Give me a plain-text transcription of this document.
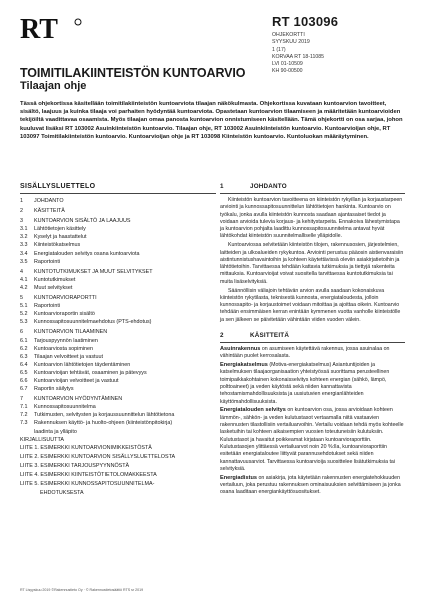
RT	RT 103096
OHJEKORTTI
SYYSKUU 2019
1 (17)
KORVAA RT 18-11085
LVI 01-10509
KH 90-00500
TOIMITILAKIINTEISTÖN KUNTOARVIO
Tilaajan ohje
Tässä ohjekortissa käsitellään toimitilakiinteistön kuntoarviota tilaajan näkökulmasta. Ohjekortissa kuvataan kuntoarvion tavoitteet, sisältö, laajuus ja kuinka tilaaja voi parhaiten hyödyntää kuntoarviota. Opastetaan kuntoarvion tilaamiseen ja määritetään kuntoarvioiden tekijöiltä vaadittavaa osaamista. Myös tilaajan omaa panosta kuntoarvion onnistumiseen käsitellään. Tämä ohjekortti on osa sarjaa, johon kuuluvat lisäksi RT 103002 Asuinkiinteistön kuntoarvio. Tilaajan ohje, RT 103002 Asuinkiinteistön kuntoarvio. Kuntoarvioijan ohje, RT 103097 Toimitilakiinteistön kuntoarvio. Kuntoarvioijan ohje ja RT 103098 Kiinteistön kuntoarvio. Kuntoluokan määräytyminen.
SISÄLLYSLUETTELO
1	JOHDANTO
2	KÄSITTEITÄ
3	KUNTOARVION SISÄLTÖ JA LAAJUUS
3.1	Lähtötietojen käsittely
3.2	Kyselyt ja haastattelut
3.3	Kiinteistökatselmus
3.4	Energiatalouden selvitys osana kuntoarviota
3.5	Raportointi
4	KUNTOTUTKIMUKSET JA MUUT SELVITYKSET
4.1	Kuntotutkimukset
4.2	Muut selvitykset
5	KUNTOARVIORAPORTTI
5.1	Raportointi
5.2	Kuntoarvioraportin sisältö
5.3	Kunnossapitosuunnitelmaehdotus (PTS-ehdotus)
6	KUNTOARVION TILAAMINEN
6.1	Tarjouspyynnön laatiminen
6.2	Kuntoarviosta sopiminen
6.3	Tilaajan velvoitteet ja vastuut
6.4	Kuntoarvion lähtötietojen täydentäminen
6.5	Kuntoarvioijan tehtävät, osaaminen ja pätevyys
6.6	Kuntoarvioijan velvoitteet ja vastuut
6.7	Raportin säilytys
7	KUNTOARVION HYÖDYNTÄMINEN
7.1	Kunnossapitosuunnitelma
7.2	Tutkimusten, selvitysten ja korjaussuunnittelun lähtötietona
7.3	Rakennuksen käyttö- ja huolto-ohjeen (kiinteistönpitokirja)
laadinta ja ylläpito
KIRJALLISUUTTA
LIITE 1. ESIMERKKI KUNTOARVIONIMIKKEISTÖSTÄ
LIITE 2. ESIMERKKI KUNTOARVION SISÄLLYSLUETTELOSTA
LIITE 3. ESIMERKKI TARJOUSPYYNNÖSTÄ
LIITE 4. ESIMERKKI KIINTEISTÖTIETOLOMAKKEESTA
LIITE 5. ESIMERKKI KUNNOSSAPITOSUUNNITELMA-
EHDOTUKSESTA
1	JOHDANTO

Kiinteistön kuntoarvion tavoitteena on kiinteistön rykyillan ja korjaustarpeen arviointi ja kunnossapitosuunnittelun lähtötietojen hankinta. Kuntoarvio on työkalu, jonka avulla kiinteistön kunnosta saadaan ajantasaiset tiedot ja voidaan arvioida tulevia korjaus- ja kehitystarpeita. Ennakoiva lähestymistapa ja kuntoarvion pohjalta laadittu kunnossapitosuunnitelma antavat hyvät lähtökohdat kiinteistön suunnitelmalliselle ylläpidolle.

Kuntoarviossa selvitetään kiinteistön tilojen, rakennusosien, järjestelmien, laitteiden ja ulkoalueiden rykykuntoa. Arviointi perustuu pääosin aistienvaraisiin aistintunnistushavaintoihin ja kohteen käytettävissä oleviin asiakirjatietoihin ja lähtötietoihin. Tarvittaessa tehdään kattavia tutkimuksia ja tiettyjä rakenteita mittauksia. Kuntoarvioijat voivat suositella tarvittaessa kuntotutkimuksia tai muita lisäselvityksiä.

Säännöllisin väliajoin tehtävän arvion avulla saadaan kokonaiskuva kiinteistön rykytilasta, teknisestä kunnosta, energiataloudesta, jolloin kunnossapito- ja korjaustoimet voidaan mitoittaa ja ajoittaa oikein. Kuntoarvio tehdään ensimmäisen kerran enintään kymmenen vuotta vanholle kiinteistölle ja sen jälkeen se päivitetään vähintään viiden vuoden välein.

2	KÄSITTEITÄ

Asuinrakennus on asumiseen käytettävä rakennus, jossa asuinalaa on vähintään puolet kerrosalasta.

Energiakatselmus (Motiva-energiakatselmus) Asiantuntijoiden ja katselmuksen tilaajaorganisaation yhteistyössä suorittama perusteellinen toimipaikkakohtainen kokonaisselvitys kohteen energian (sähkö, lämpö, polttoaineet) ja veden käytöstä sekä niiden kannattavista tehostamismahdollisuuksista ja uusiutuvien energianlähteiden käyttömahdollisuuksista.

Energiatalouden selvitys on kuntoarvion osa, jossa arvioidaan kohteen lämmön-, sähkön- ja veden kulutustasot vertaamalla niitä vastaavien rakennusten tilastollisiin vertailuarvoihin. Vertailu voidaan tehdä myös kohteelle lasketuihin tai kohteen aikaisempien vuosien toteutuneisiin kulutuksiin. Kulutustasot ja havaitut poikkeamat kirjataan kuntoarvioraporttiin. Kulutustasojen ylittäessä vertailuarvot noin 20 %:lla, kuntoarvioraporttiin esitetään energiataloutee liittyvät parannusehdotukset sekä niiden kannattavuusarviot. Tarvittaessa kuntoarvioija suosittelee lisätutkimuksia tai selvityksiä.

Energiadistus on asiakirja, jota käytetään rakennusten energiatehokkuuden vertailuun, joka perustuu rakennuksen ominaisuuksien selvittämiseen ja jonka osana laaditaan energiankäyttösuositukset.

RT Lisyyskuu 2019 ©Rakennustieto Oy · © Rakennustietosäätiö RTS sr 2019
